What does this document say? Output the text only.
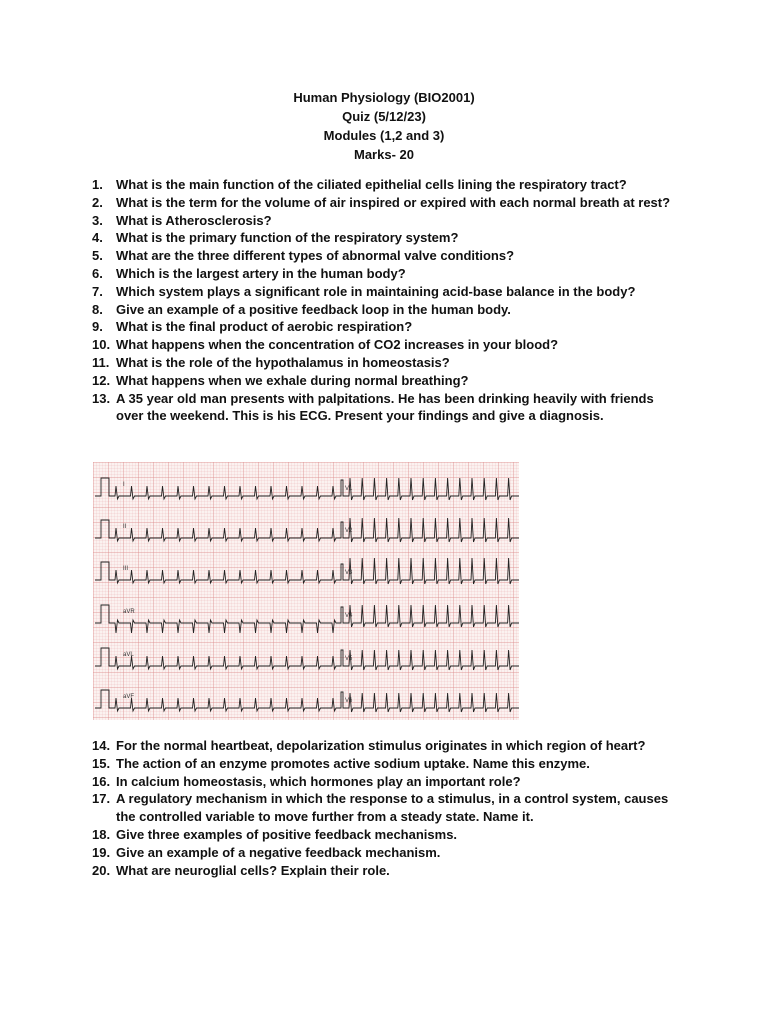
Human Physiology (BIO2001)
Quiz (5/12/23)
Modules (1,2 and 3)
Marks- 20
1. What is the main function of the ciliated epithelial cells lining the respiratory tract?
2. What is the term for the volume of air inspired or expired with each normal breath at rest?
3. What is Atherosclerosis?
4. What is the primary function of the respiratory system?
5. What are the three different types of abnormal valve conditions?
6. Which is the largest artery in the human body?
7. Which system plays a significant role in maintaining acid-base balance in the body?
8. Give an example of a positive feedback loop in the human body.
9. What is the final product of aerobic respiration?
10. What happens when the concentration of CO2 increases in your blood?
11. What is the role of the hypothalamus in homeostasis?
12. What happens when we exhale during normal breathing?
13. A 35 year old man presents with palpitations. He has been drinking heavily with friends over the weekend. This is his ECG. Present your findings and give a diagnosis.
I
V1
II
V2
III
V3
aVR
V4
aVL
V5
aVF
V6
14. For the normal heartbeat, depolarization stimulus originates in which region of heart?
15. The action of an enzyme promotes active sodium uptake. Name this enzyme.
16. In calcium homeostasis, which hormones play an important role?
17. A regulatory mechanism in which the response to a stimulus, in a control system, causes the controlled variable to move further from a steady state. Name it.
18. Give three examples of positive feedback mechanisms.
19. Give an example of a negative feedback mechanism.
20. What are neuroglial cells? Explain their role.
